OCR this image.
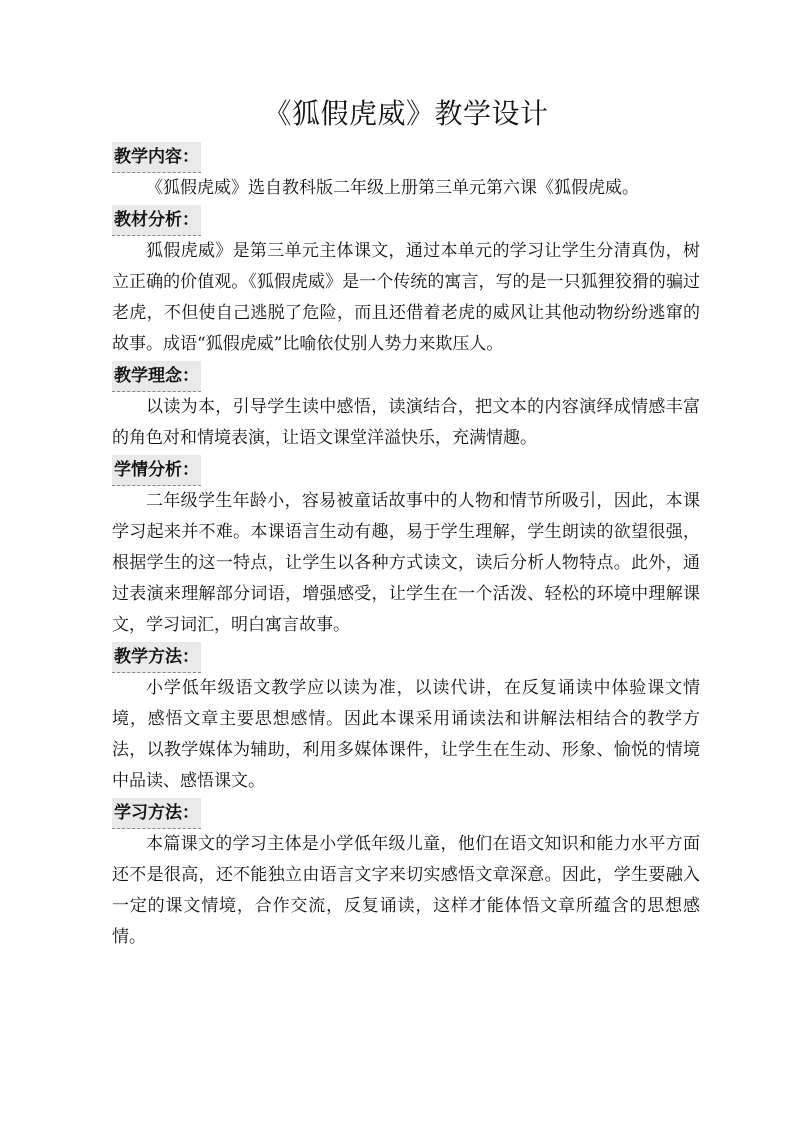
《狐假虎威》教学设计
教学内容：

《狐假虎威》选自教科版二年级上册第三单元第六课《狐假虎威。

教材分析：

狐假虎威》是第三单元主体课文，通过本单元的学习让学生分清真伪，树立正确的价值观。《狐假虎威》是一个传统的寓言，写的是一只狐狸狡猾的骗过老虎，不但使自己逃脱了危险，而且还借着老虎的威风让其他动物纷纷逃窜的故事。成语“狐假虎威”比喻依仗别人势力来欺压人。

教学理念：

以读为本，引导学生读中感悟，读演结合，把文本的内容演绎成情感丰富的角色对和情境表演，让语文课堂洋溢快乐，充满情趣。

学情分析：

二年级学生年龄小，容易被童话故事中的人物和情节所吸引，因此，本课学习起来并不难。本课语言生动有趣，易于学生理解，学生朗读的欲望很强，根据学生的这一特点，让学生以各种方式读文，读后分析人物特点。此外，通过表演来理解部分词语，增强感受，让学生在一个活泼、轻松的环境中理解课文，学习词汇，明白寓言故事。

教学方法：

小学低年级语文教学应以读为准，以读代讲，在反复诵读中体验课文情境，感悟文章主要思想感情。因此本课采用诵读法和讲解法相结合的教学方法，以教学媒体为辅助，利用多媒体课件，让学生在生动、形象、愉悦的情境中品读、感悟课文。

学习方法：

本篇课文的学习主体是小学低年级儿童，他们在语文知识和能力水平方面还不是很高，还不能独立由语言文字来切实感悟文章深意。因此，学生要融入一定的课文情境，合作交流，反复诵读，这样才能体悟文章所蕴含的思想感情。
